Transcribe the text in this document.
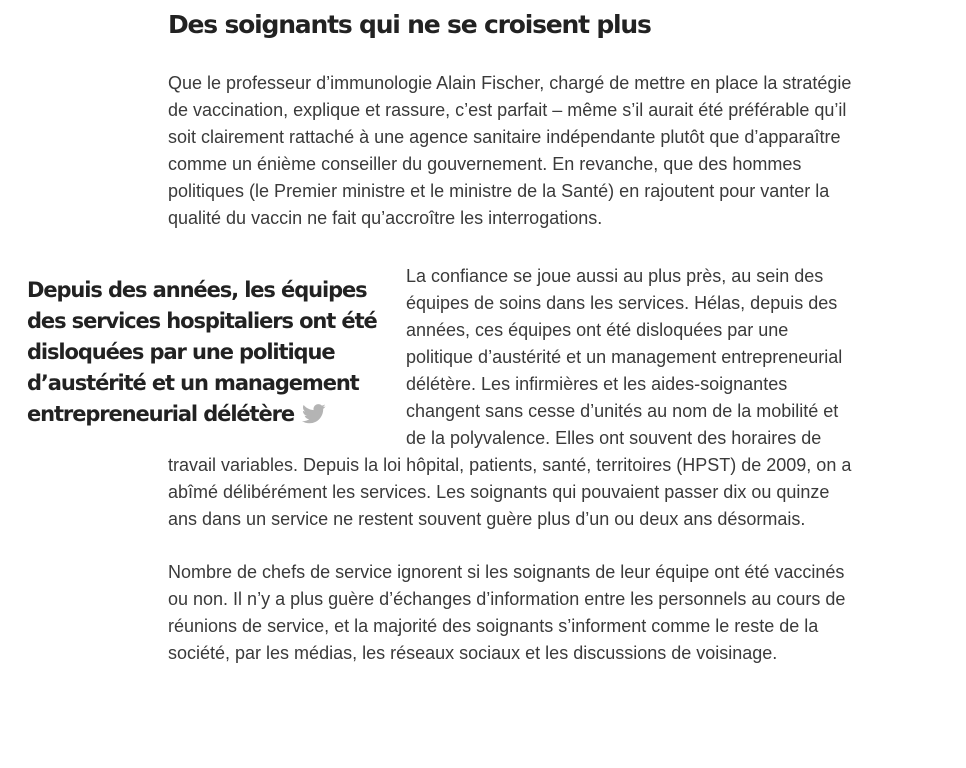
Des soignants qui ne se croisent plus

Que le professeur d’immunologie Alain Fischer, chargé de mettre en place la stratégie de vaccination, explique et rassure, c’est parfait – même s’il aurait été préférable qu’il soit clairement rattaché à une agence sanitaire indépendante plutôt que d’apparaître comme un énième conseiller du gouvernement. En revanche, que des hommes politiques (le Premier ministre et le ministre de la Santé) en rajoutent pour vanter la qualité du vaccin ne fait qu’accroître les interrogations.

Depuis des années, les équipes des services hospitaliers ont été disloquées par une politique d’austérité et un management entrepreneurial délétère
La confiance se joue aussi au plus près, au sein des équipes de soins dans les services. Hélas, depuis des années, ces équipes ont été disloquées par une politique d’austérité et un management entrepreneurial délétère. Les infirmières et les aides-soignantes changent sans cesse d’unités au nom de la mobilité et de la polyvalence. Elles ont souvent des horaires de travail variables. Depuis la loi hôpital, patients, santé, territoires (HPST) de 2009, on a abîmé délibérément les services. Les soignants qui pouvaient passer dix ou quinze ans dans un service ne restent souvent guère plus d’un ou deux ans désormais.

Nombre de chefs de service ignorent si les soignants de leur équipe ont été vaccinés ou non. Il n’y a plus guère d’échanges d’information entre les personnels au cours de réunions de service, et la majorité des soignants s’informent comme le reste de la société, par les médias, les réseaux sociaux et les discussions de voisinage.
